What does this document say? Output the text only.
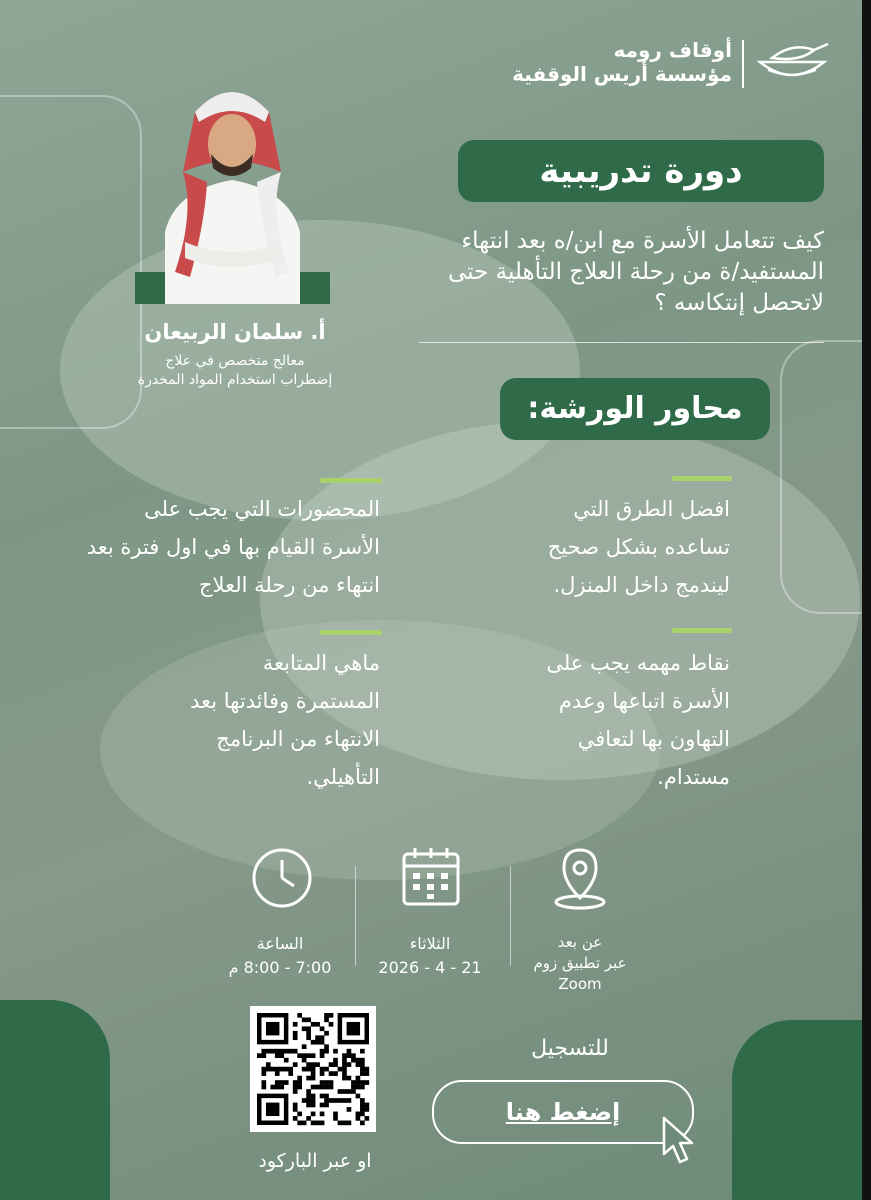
أوقاف رومه
مؤسسة أريس الوقفية
دورة تدريبية
كيف تتعامل الأسرة مع ابن/ه بعد انتهاء المستفيد/ة من رحلة العلاج التأهلية حتى لاتحصل إنتكاسه ؟
أ. سلمان الربيعان
معالج متخصص في علاج
إضطراب استخدام المواد المخدرة
محاور الورشة:
افضل الطرق التي تساعده بشكل صحيح ليندمج داخل المنزل.
نقاط مهمه يجب على الأسرة اتباعها وعدم التهاون بها لتعافي مستدام.
المحضورات التي يجب على الأسرة القيام بها في اول فترة بعد انتهاء من رحلة العلاج
ماهي المتابعة المستمرة وفائدتها بعد الانتهاء من البرنامج التأهيلي.
عن بعد
عبر تطبيق زوم
Zoom
الثلاثاء
21 - 4 - 2026
الساعة
7:00 - 8:00 م
للتسجيل
إضغط هنا
او عبر الباركود
